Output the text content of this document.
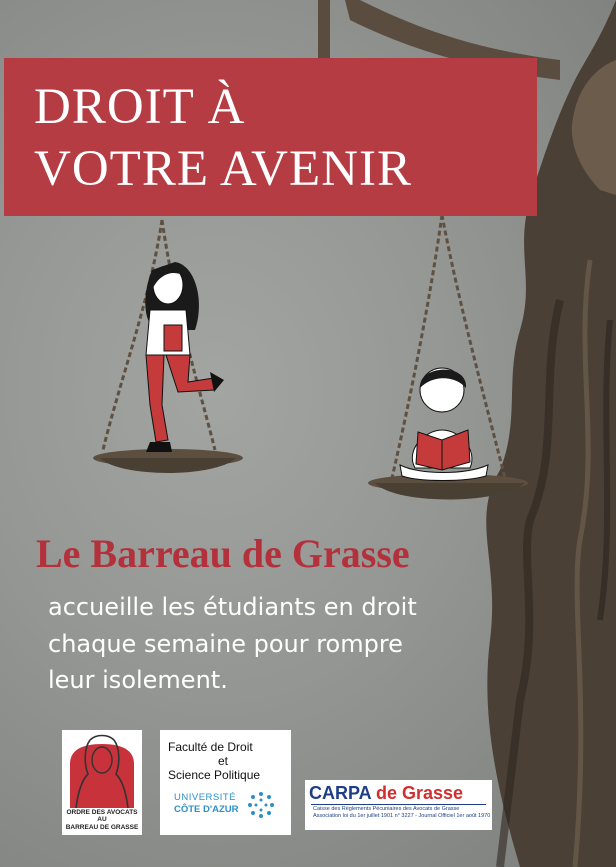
DROIT À
VOTRE AVENIR
Le Barreau de Grasse
accueille les étudiants en droit
chaque semaine pour rompre
leur isolement.
ORDRE DES AVOCATS AU
BARREAU DE GRASSE
Faculté de Droit
et
Science Politique
UNIVERSITÉ
CÔTE D'AZUR
CARPA de Grasse
Caisse des Règlements Pécuniaires des Avocats de Grasse
Association loi du 1er juillet 1901 n° 3227 - Journal Officiel 1er août 1970
